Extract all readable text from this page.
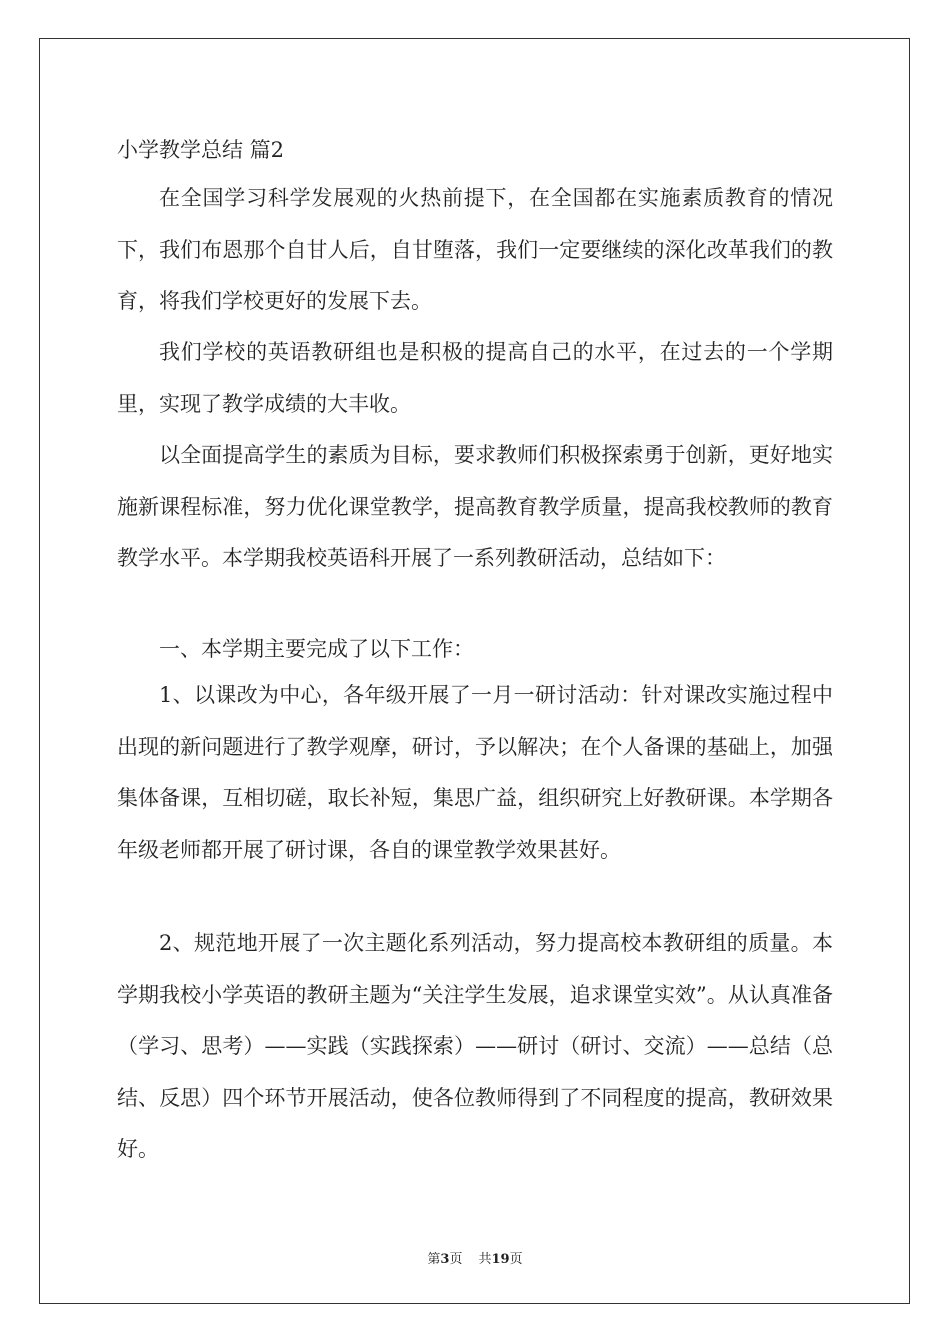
小学教学总结 篇2

在全国学习科学发展观的火热前提下，在全国都在实施素质教育的情况下，我们布恩那个自甘人后，自甘堕落，我们一定要继续的深化改革我们的教育，将我们学校更好的发展下去。

我们学校的英语教研组也是积极的提高自己的水平，在过去的一个学期里，实现了教学成绩的大丰收。

以全面提高学生的素质为目标，要求教师们积极探索勇于创新，更好地实施新课程标准，努力优化课堂教学，提高教育教学质量，提高我校教师的教育教学水平。本学期我校英语科开展了一系列教研活动，总结如下：

一、本学期主要完成了以下工作：

1、以课改为中心，各年级开展了一月一研讨活动：针对课改实施过程中出现的新问题进行了教学观摩，研讨，予以解决；在个人备课的基础上，加强集体备课，互相切磋，取长补短，集思广益，组织研究上好教研课。本学期各年级老师都开展了研讨课，各自的课堂教学效果甚好。

2、规范地开展了一次主题化系列活动，努力提高校本教研组的质量。本学期我校小学英语的教研主题为“关注学生发展，追求课堂实效”。从认真准备（学习、思考）——实践（实践探索）——研讨（研讨、交流）——总结（总结、反思）四个环节开展活动，使各位教师得到了不同程度的提高，教研效果好。

第3页 共19页
